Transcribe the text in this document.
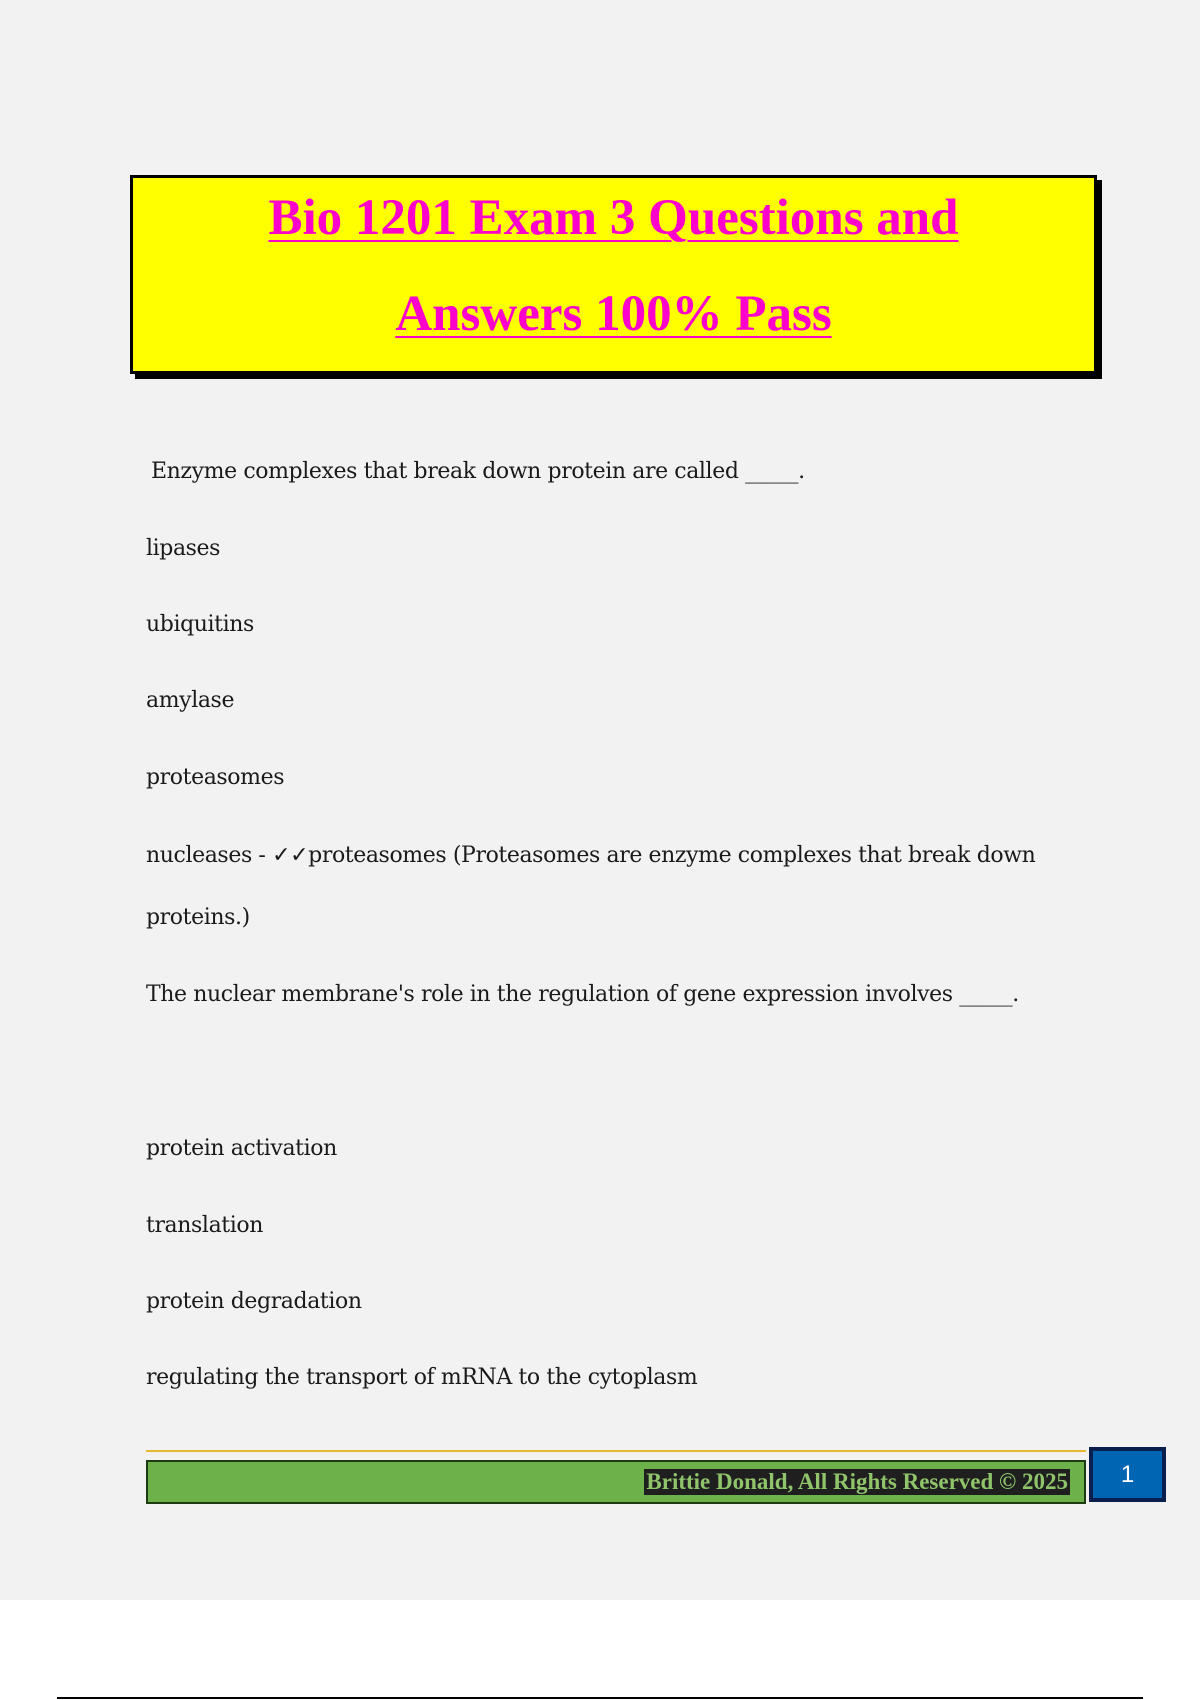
Bio 1201 Exam 3 Questions and
Answers 100% Pass
Enzyme complexes that break down protein are called _____.
lipases
ubiquitins
amylase
proteasomes
nucleases - ✓✓proteasomes (Proteasomes are enzyme complexes that break down
proteins.)
The nuclear membrane's role in the regulation of gene expression involves _____.
protein activation
translation
protein degradation
regulating the transport of mRNA to the cytoplasm
Brittie Donald, All Rights Reserved © 2025	1
